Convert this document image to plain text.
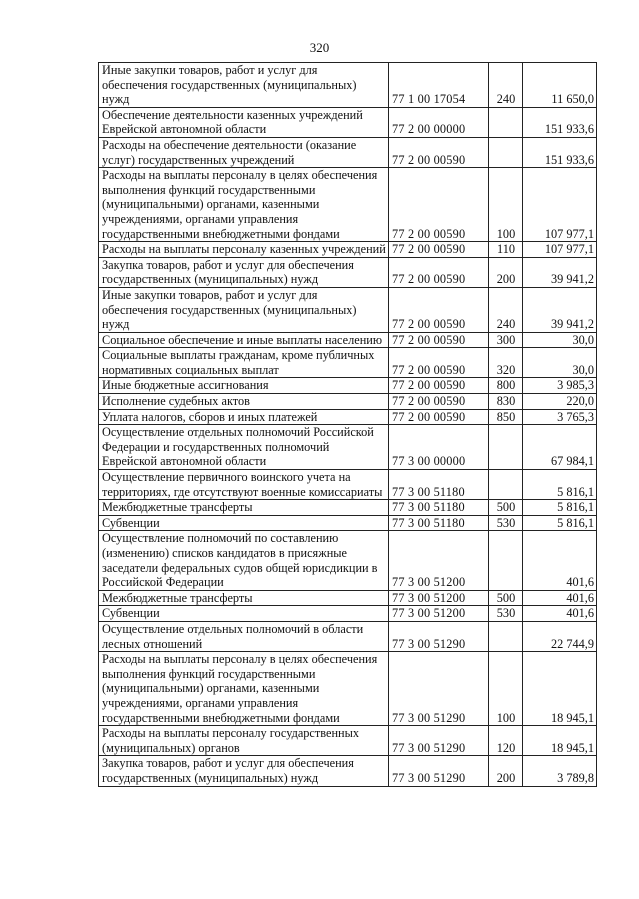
320
Иные закупки товаров, работ и услуг для обеспечения государственных (муниципальных) нужд	77 1 00 17054	240	11 650,0
Обеспечение деятельности казенных учреждений Еврейской автономной области	77 2 00 00000		151 933,6
Расходы на обеспечение деятельности (оказание услуг) государственных учреждений	77 2 00 00590		151 933,6
Расходы на выплаты персоналу в целях обеспечения выполнения функций государственными (муниципальными) органами, казенными учреждениями, органами управления государственными внебюджетными фондами	77 2 00 00590	100	107 977,1
Расходы на выплаты персоналу казенных учреждений	77 2 00 00590	110	107 977,1
Закупка товаров, работ и услуг для обеспечения государственных (муниципальных) нужд	77 2 00 00590	200	39 941,2
Иные закупки товаров, работ и услуг для обеспечения государственных (муниципальных) нужд	77 2 00 00590	240	39 941,2
Социальное обеспечение и иные выплаты населению	77 2 00 00590	300	30,0
Социальные выплаты гражданам, кроме публичных нормативных социальных выплат	77 2 00 00590	320	30,0
Иные бюджетные ассигнования	77 2 00 00590	800	3 985,3
Исполнение судебных актов	77 2 00 00590	830	220,0
Уплата налогов, сборов и иных платежей	77 2 00 00590	850	3 765,3
Осуществление отдельных полномочий Российской Федерации и государственных полномочий Еврейской автономной области	77 3 00 00000		67 984,1
Осуществление первичного воинского учета на территориях, где отсутствуют военные комиссариаты	77 3 00 51180		5 816,1
Межбюджетные трансферты	77 3 00 51180	500	5 816,1
Субвенции	77 3 00 51180	530	5 816,1
Осуществление полномочий по составлению (изменению) списков кандидатов в присяжные заседатели федеральных судов общей юрисдикции в Российской Федерации	77 3 00 51200		401,6
Межбюджетные трансферты	77 3 00 51200	500	401,6
Субвенции	77 3 00 51200	530	401,6
Осуществление отдельных полномочий в области лесных отношений	77 3 00 51290		22 744,9
Расходы на выплаты персоналу в целях обеспечения выполнения функций государственными (муниципальными) органами, казенными учреждениями, органами управления государственными внебюджетными фондами	77 3 00 51290	100	18 945,1
Расходы на выплаты персоналу государственных (муниципальных) органов	77 3 00 51290	120	18 945,1
Закупка товаров, работ и услуг для обеспечения государственных (муниципальных) нужд	77 3 00 51290	200	3 789,8
